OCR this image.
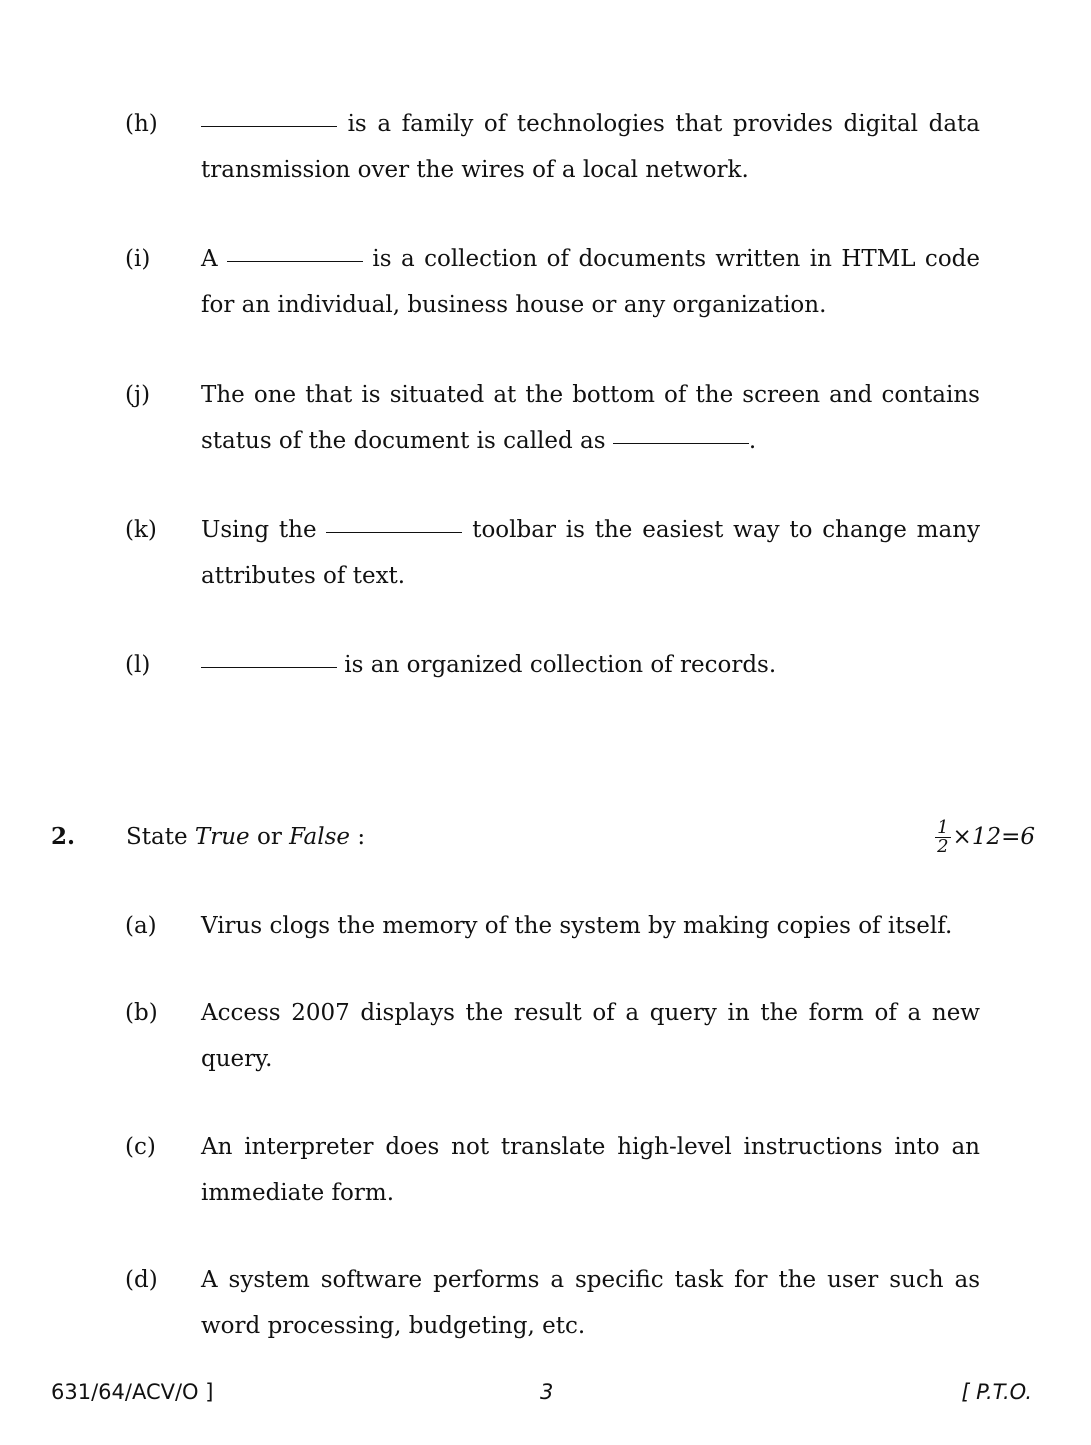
(h)	is a family of technologies that provides digital data transmission over the wires of a local network.
(i)	A	is a collection of documents written in HTML code for an individual, business house or any organization.
(j)	The one that is situated at the bottom of the screen and contains status of the document is called as	.
(k)	Using the	toolbar is the easiest way to change many attributes of text.
(l)	is an organized collection of records.
2. State True or False :	$\frac{1}{2} \times 12=6$
(a)	Virus clogs the memory of the system by making copies of itself.
(b)	Access 2007 displays the result of a query in the form of a new query.
(c)	An interpreter does not translate high-level instructions into an immediate form.
(d)	A system software performs a specific task for the user such as word processing, budgeting, etc.
631/64/ACV/O ]	3	[ P.T.O.
